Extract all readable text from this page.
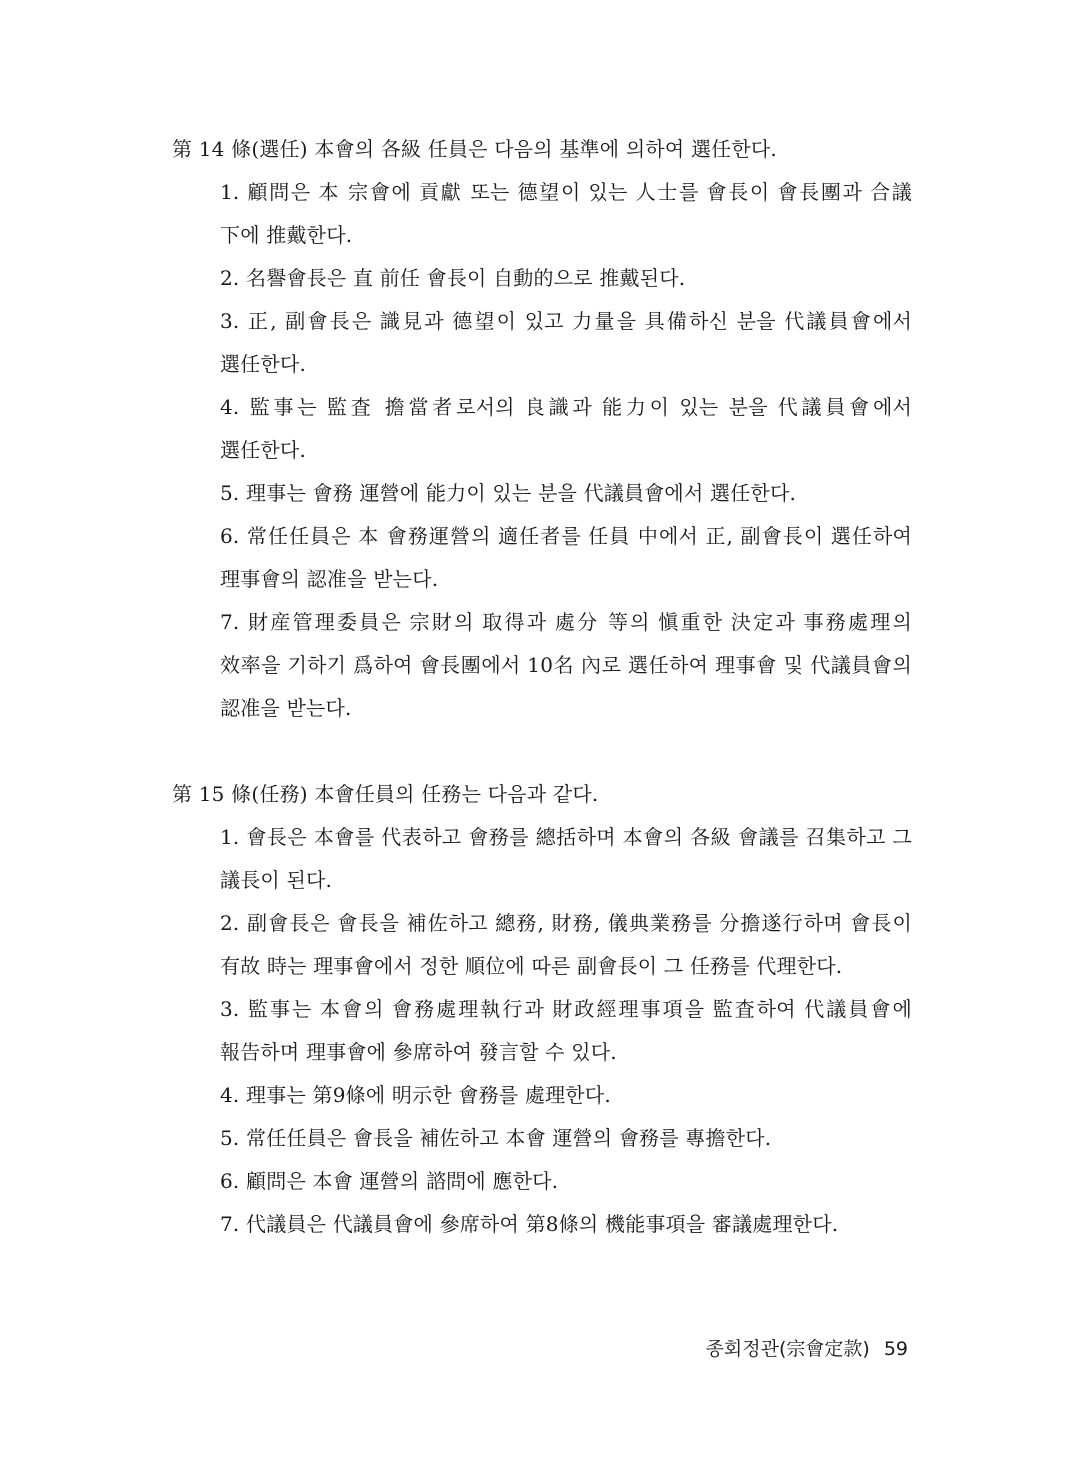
第 14 條(選任) 本會의 各級 任員은 다음의 基準에 의하여 選任한다.
1. 顧問은 本 宗會에 貢獻 또는 德望이 있는 人士를 會長이 會長團과 合議 下에 推戴한다.
2. 名譽會長은 直 前任 會長이 自動的으로 推戴된다.
3. 正, 副會長은 識見과 德望이 있고 力量을 具備하신 분을 代議員會에서 選任한다.
4. 監事는 監査 擔當者로서의 良識과 能力이 있는 분을 代議員會에서 選任한다.
5. 理事는 會務 運營에 能力이 있는 분을 代議員會에서 選任한다.
6. 常任任員은 本 會務運營의 適任者를 任員 中에서 正, 副會長이 選任하여 理事會의 認准을 받는다.
7. 財産管理委員은 宗財의 取得과 處分 等의 愼重한 決定과 事務處理의 效率을 기하기 爲하여 會長團에서 10名 內로 選任하여 理事會 및 代議員會의 認准을 받는다.
第 15 條(任務) 本會任員의 任務는 다음과 같다.
1. 會長은 本會를 代表하고 會務를 總括하며 本會의 各級 會議를 召集하고 그 議長이 된다.
2. 副會長은 會長을 補佐하고 總務, 財務, 儀典業務를 分擔遂行하며 會長이 有故 時는 理事會에서 정한 順位에 따른 副會長이 그 任務를 代理한다.
3. 監事는 本會의 會務處理執行과 財政經理事項을 監査하여 代議員會에 報告하며 理事會에 參席하여 發言할 수 있다.
4. 理事는 第9條에 明示한 會務를 處理한다.
5. 常任任員은 會長을 補佐하고 本會 運營의 會務를 專擔한다.
6. 顧問은 本會 運營의 諮問에 應한다.
7. 代議員은 代議員會에 參席하여 第8條의 機能事項을 審議處理한다.
종회정관(宗會定款) 59
